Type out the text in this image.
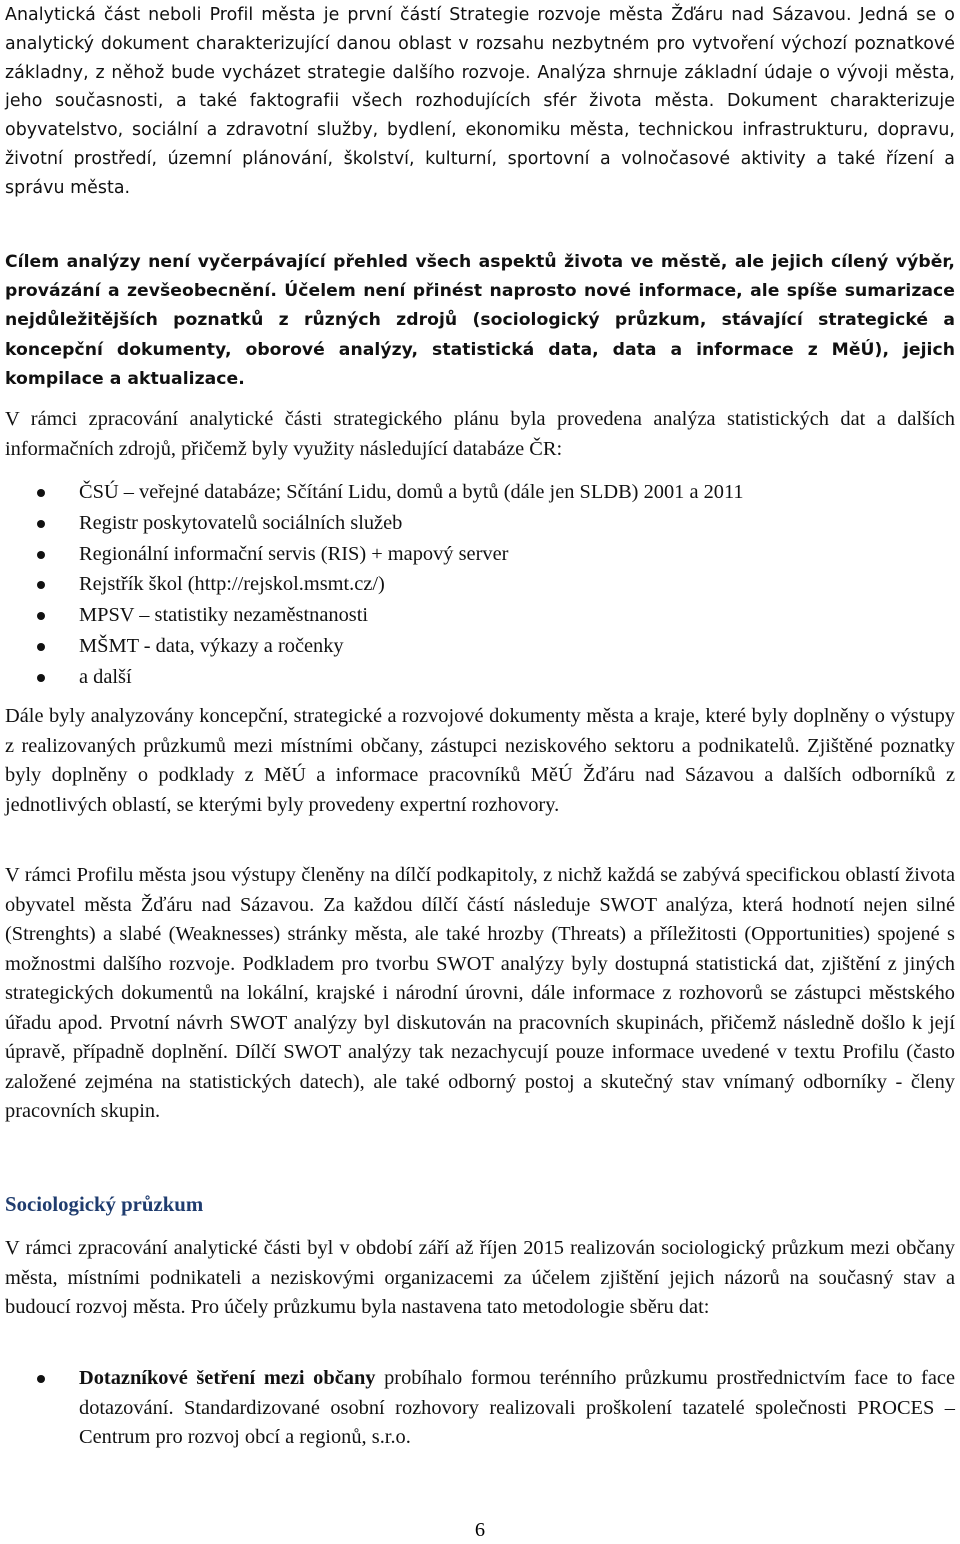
Analytická část neboli Profil města je první částí Strategie rozvoje města Žďáru nad Sázavou. Jedná se o analytický dokument charakterizující danou oblast v rozsahu nezbytném pro vytvoření výchozí poznatkové základny, z něhož bude vycházet strategie dalšího rozvoje. Analýza shrnuje základní údaje o vývoji města, jeho současnosti, a také faktografii všech rozhodujících sfér života města. Dokument charakterizuje obyvatelstvo, sociální a zdravotní služby, bydlení, ekonomiku města, technickou infrastrukturu, dopravu, životní prostředí, územní plánování, školství, kulturní, sportovní a volnočasové aktivity a také řízení a správu města.

Cílem analýzy není vyčerpávající přehled všech aspektů života ve městě, ale jejich cílený výběr, provázání a zevšeobecnění. Účelem není přinést naprosto nové informace, ale spíše sumarizace nejdůležitějších poznatků z různých zdrojů (sociologický průzkum, stávající strategické a koncepční dokumenty, oborové analýzy, statistická data, data a informace z MěÚ), jejich kompilace a aktualizace.

V rámci zpracování analytické části strategického plánu byla provedena analýza statistických dat a dalších informačních zdrojů, přičemž byly využity následující databáze ČR:

ČSÚ – veřejné databáze; Sčítání Lidu, domů a bytů (dále jen SLDB) 2001 a 2011
Registr poskytovatelů sociálních služeb
Regionální informační servis (RIS) + mapový server
Rejstřík škol (http://rejskol.msmt.cz/)
MPSV – statistiky nezaměstnanosti
MŠMT - data, výkazy a ročenky
a další

Dále byly analyzovány koncepční, strategické a rozvojové dokumenty města a kraje, které byly doplněny o výstupy z realizovaných průzkumů mezi místními občany, zástupci neziskového sektoru a podnikatelů. Zjištěné poznatky byly doplněny o podklady z MěÚ a informace pracovníků MěÚ Žďáru nad Sázavou a dalších odborníků z jednotlivých oblastí, se kterými byly provedeny expertní rozhovory.

V rámci Profilu města jsou výstupy členěny na dílčí podkapitoly, z nichž každá se zabývá specifickou oblastí života obyvatel města Žďáru nad Sázavou. Za každou dílčí částí následuje SWOT analýza, která hodnotí nejen silné (Strenghts) a slabé (Weaknesses) stránky města, ale také hrozby (Threats) a příležitosti (Opportunities) spojené s možnostmi dalšího rozvoje. Podkladem pro tvorbu SWOT analýzy byly dostupná statistická dat, zjištění z jiných strategických dokumentů na lokální, krajské i národní úrovni, dále informace z rozhovorů se zástupci městského úřadu apod. Prvotní návrh SWOT analýzy byl diskutován na pracovních skupinách, přičemž následně došlo k její úpravě, případně doplnění. Dílčí SWOT analýzy tak nezachycují pouze informace uvedené v textu Profilu (často založené zejména na statistických datech), ale také odborný postoj a skutečný stav vnímaný odborníky - členy pracovních skupin.

Sociologický průzkum

V rámci zpracování analytické části byl v období září až říjen 2015 realizován sociologický průzkum mezi občany města, místními podnikateli a neziskovými organizacemi za účelem zjištění jejich názorů na současný stav a budoucí rozvoj města. Pro účely průzkumu byla nastavena tato metodologie sběru dat:

Dotazníkové šetření mezi občany probíhalo formou terénního průzkumu prostřednictvím face to face dotazování. Standardizované osobní rozhovory realizovali proškolení tazatelé společnosti PROCES – Centrum pro rozvoj obcí a regionů, s.r.o.
6
